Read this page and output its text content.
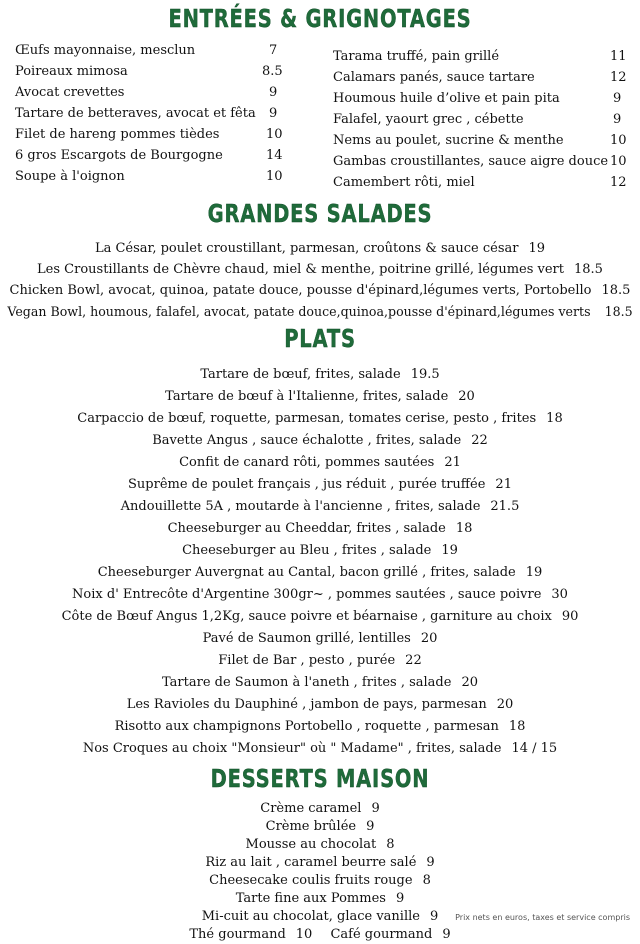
ENTRÉES & GRIGNOTAGES
Œufs mayonnaise, mesclun	7
Poireaux mimosa	8.5
Avocat crevettes	9
Tartare de betteraves, avocat et fêta 9
Filet de hareng pommes tièdes	10
6 gros Escargots de Bourgogne	14
Soupe à l'oignon	10
Tarama truffé, pain grillé	11
Calamars panés, sauce tartare	12
Houmous huile d’olive et pain pita	9
Falafel, yaourt grec , cébette	9
Nems au poulet, sucrine & menthe	10
Gambas croustillantes, sauce aigre douce 10
Camembert rôti, miel	12
GRANDES SALADES
La César, poulet croustillant, parmesan, croûtons & sauce césar 19
Les Croustillants de Chèvre chaud, miel & menthe, poitrine grillé, légumes vert 18.5
Chicken Bowl, avocat, quinoa, patate douce, pousse d'épinard,légumes verts, Portobello 18.5
Vegan Bowl, houmous, falafel, avocat, patate douce,quinoa,pousse d'épinard,légumes verts 18.5
PLATS
Tartare de bœuf, frites, salade 19.5
Tartare de bœuf à l'Italienne, frites, salade 20
Carpaccio de bœuf, roquette, parmesan, tomates cerise, pesto , frites 18
Bavette Angus , sauce échalotte , frites, salade 22
Confit de canard rôti, pommes sautées 21
Suprême de poulet français , jus réduit , purée truffée 21
Andouillette 5A , moutarde à l'ancienne , frites, salade 21.5
Cheeseburger au Cheeddar, frites , salade 18
Cheeseburger au Bleu , frites , salade 19
Cheeseburger Auvergnat au Cantal, bacon grillé , frites, salade 19
Noix d' Entrecôte d'Argentine 300gr~ , pommes sautées , sauce poivre 30
Côte de Bœuf Angus 1,2Kg, sauce poivre et béarnaise , garniture au choix 90
Pavé de Saumon grillé, lentilles 20
Filet de Bar , pesto , purée 22
Tartare de Saumon à l'aneth , frites , salade 20
Les Ravioles du Dauphiné , jambon de pays, parmesan 20
Risotto aux champignons Portobello , roquette , parmesan 18
Nos Croques au choix "Monsieur" où " Madame" , frites, salade 14 / 15
DESSERTS MAISON
Crème caramel 9
Crème brûlée 9
Mousse au chocolat 8
Riz au lait , caramel beurre salé 9
Cheesecake coulis fruits rouge 8
Tarte fine aux Pommes 9
Mi-cuit au chocolat, glace vanille 9
Thé gourmand 10 Café gourmand 9
Prix nets en euros, taxes et service compris
